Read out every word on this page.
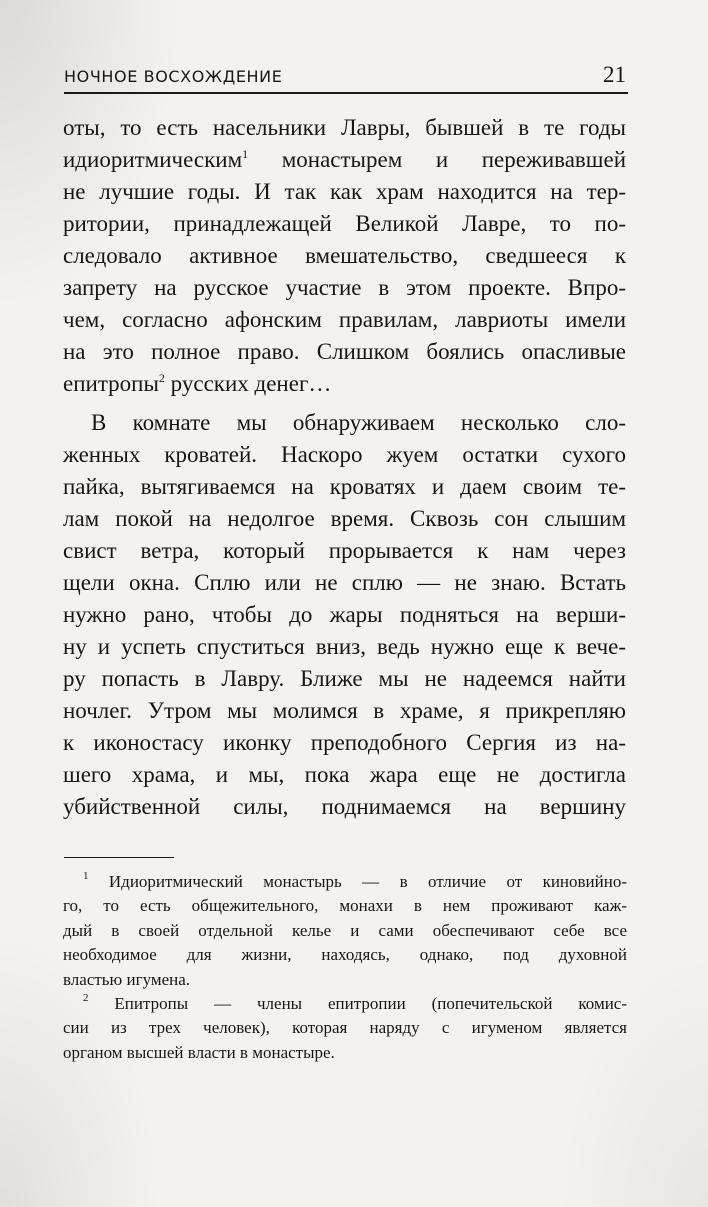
НОЧНОЕ ВОСХОЖДЕНИЕ	21
оты, то есть насельники Лавры, бывшей в те годы
идиоритмическим$^1$ монастырем и переживавшей
не лучшие годы. И так как храм находится на тер-
ритории, принадлежащей Великой Лавре, то по-
следовало активное вмешательство, сведшееся к
запрету на русское участие в этом проекте. Впро-
чем, согласно афонским правилам, лавриоты имели
на это полное право. Слишком боялись опасливые
епитропы$^2$ русских денег…
В комнате мы обнаруживаем несколько сло-
женных кроватей. Наскоро жуем остатки сухого
пайка, вытягиваемся на кроватях и даем своим те-
лам покой на недолгое время. Сквозь сон слышим
свист ветра, который прорывается к нам через
щели окна. Сплю или не сплю — не знаю. Встать
нужно рано, чтобы до жары подняться на верши-
ну и успеть спуститься вниз, ведь нужно еще к вече-
ру попасть в Лавру. Ближе мы не надеемся найти
ночлег. Утром мы молимся в храме, я прикрепляю
к иконостасу иконку преподобного Сергия из на-
шего храма, и мы, пока жара еще не достигла
убийственной силы, поднимаемся на вершину
$^1$ Идиоритмический монастырь — в отличие от киновийно-
го, то есть общежительного, монахи в нем проживают каж-
дый в своей отдельной келье и сами обеспечивают себе все
необходимое для жизни, находясь, однако, под духовной
властью игумена.
$^2$ Епитропы — члены епитропии (попечительской комис-
сии из трех человек), которая наряду с игуменом является
органом высшей власти в монастыре.
